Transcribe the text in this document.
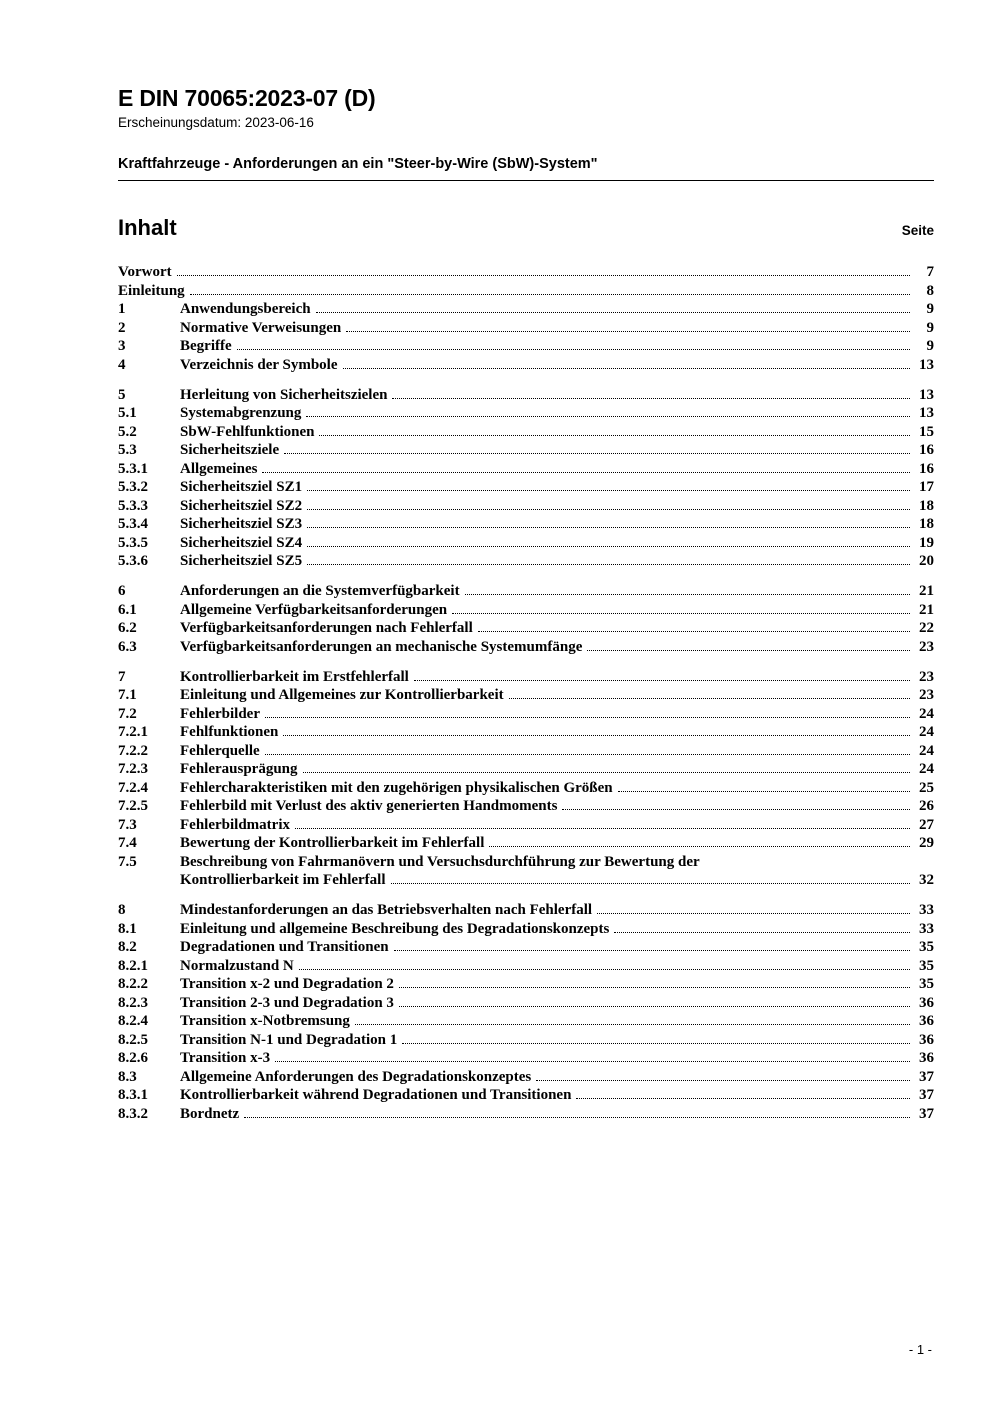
E DIN 70065:2023-07 (D)
Erscheinungsdatum: 2023-06-16
Kraftfahrzeuge - Anforderungen an ein "Steer-by-Wire (SbW)-System"
Inhalt	Seite
Vorwort	7
Einleitung	8
1	Anwendungsbereich	9
2	Normative Verweisungen	9
3	Begriffe	9
4	Verzeichnis der Symbole	13
5	Herleitung von Sicherheitszielen	13
5.1	Systemabgrenzung	13
5.2	SbW-Fehlfunktionen	15
5.3	Sicherheitsziele	16
5.3.1	Allgemeines	16
5.3.2	Sicherheitsziel SZ1	17
5.3.3	Sicherheitsziel SZ2	18
5.3.4	Sicherheitsziel SZ3	18
5.3.5	Sicherheitsziel SZ4	19
5.3.6	Sicherheitsziel SZ5	20
6	Anforderungen an die Systemverfügbarkeit	21
6.1	Allgemeine Verfügbarkeitsanforderungen	21
6.2	Verfügbarkeitsanforderungen nach Fehlerfall	22
6.3	Verfügbarkeitsanforderungen an mechanische Systemumfänge	23
7	Kontrollierbarkeit im Erstfehlerfall	23
7.1	Einleitung und Allgemeines zur Kontrollierbarkeit	23
7.2	Fehlerbilder	24
7.2.1	Fehlfunktionen	24
7.2.2	Fehlerquelle	24
7.2.3	Fehlerausprägung	24
7.2.4	Fehlercharakteristiken mit den zugehörigen physikalischen Größen	25
7.2.5	Fehlerbild mit Verlust des aktiv generierten Handmoments	26
7.3	Fehlerbildmatrix	27
7.4	Bewertung der Kontrollierbarkeit im Fehlerfall	29
7.5	Beschreibung von Fahrmanövern und Versuchsdurchführung zur Bewertung der
Kontrollierbarkeit im Fehlerfall	32
8	Mindestanforderungen an das Betriebsverhalten nach Fehlerfall	33
8.1	Einleitung und allgemeine Beschreibung des Degradationskonzepts	33
8.2	Degradationen und Transitionen	35
8.2.1	Normalzustand N	35
8.2.2	Transition x-2 und Degradation 2	35
8.2.3	Transition 2-3 und Degradation 3	36
8.2.4	Transition x-Notbremsung	36
8.2.5	Transition N-1 und Degradation 1	36
8.2.6	Transition x-3	36
8.3	Allgemeine Anforderungen des Degradationskonzeptes	37
8.3.1	Kontrollierbarkeit während Degradationen und Transitionen	37
8.3.2	Bordnetz	37
- 1 -
